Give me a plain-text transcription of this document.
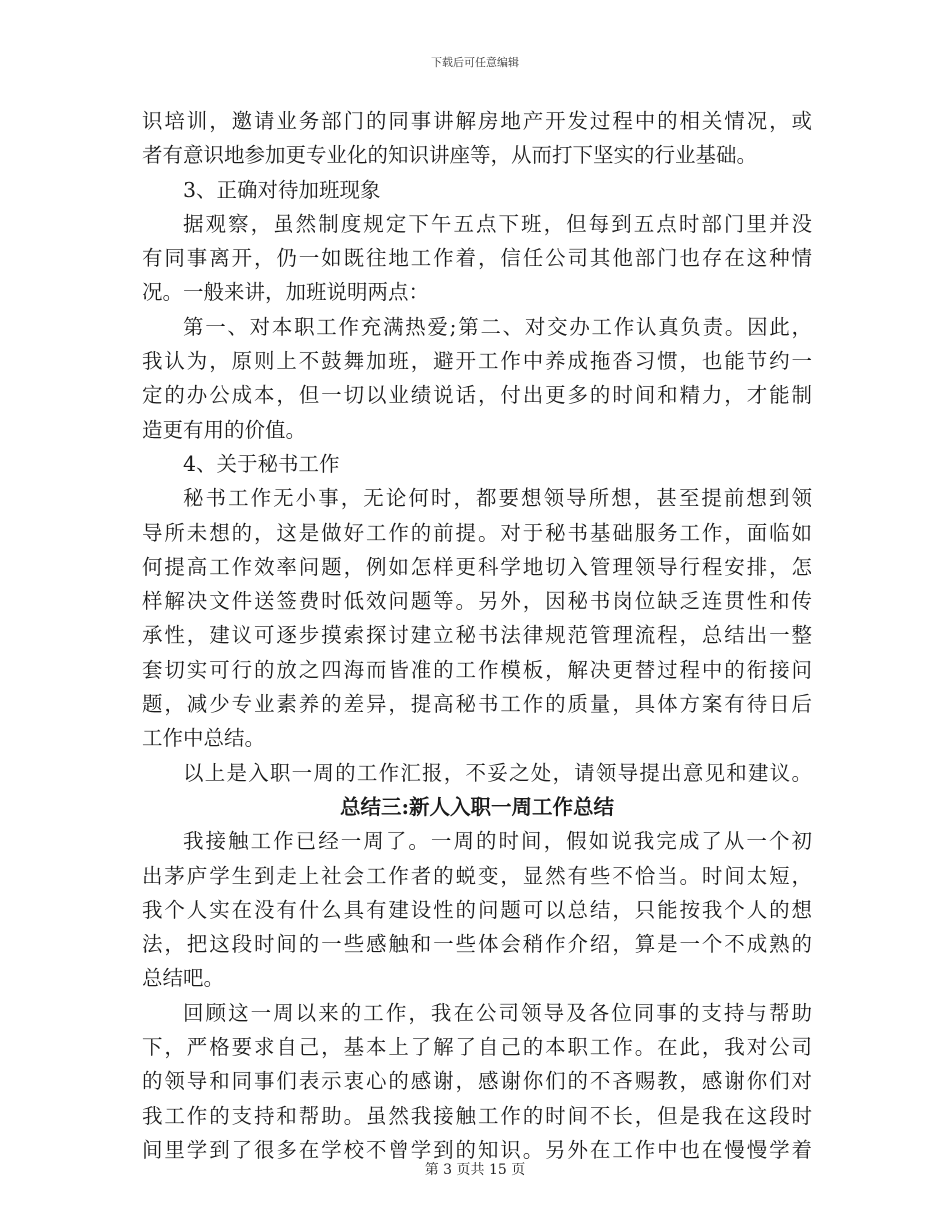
下载后可任意编辑
识培训，邀请业务部门的同事讲解房地产开发过程中的相关情况，或
者有意识地参加更专业化的知识讲座等，从而打下坚实的行业基础。
3、正确对待加班现象
据观察，虽然制度规定下午五点下班，但每到五点时部门里并没
有同事离开，仍一如既往地工作着，信任公司其他部门也存在这种情
况。一般来讲，加班说明两点：
第一、对本职工作充满热爱;第二、对交办工作认真负责。因此，
我认为，原则上不鼓舞加班，避开工作中养成拖沓习惯，也能节约一
定的办公成本，但一切以业绩说话，付出更多的时间和精力，才能制
造更有用的价值。
4、关于秘书工作
秘书工作无小事，无论何时，都要想领导所想，甚至提前想到领
导所未想的，这是做好工作的前提。对于秘书基础服务工作，面临如
何提高工作效率问题，例如怎样更科学地切入管理领导行程安排，怎
样解决文件送签费时低效问题等。另外，因秘书岗位缺乏连贯性和传
承性，建议可逐步摸索探讨建立秘书法律规范管理流程，总结出一整
套切实可行的放之四海而皆准的工作模板，解决更替过程中的衔接问
题，减少专业素养的差异，提高秘书工作的质量，具体方案有待日后
工作中总结。
以上是入职一周的工作汇报，不妥之处，请领导提出意见和建议。
总结三:新人入职一周工作总结
我接触工作已经一周了。一周的时间，假如说我完成了从一个初
出茅庐学生到走上社会工作者的蜕变，显然有些不恰当。时间太短，
我个人实在没有什么具有建设性的问题可以总结，只能按我个人的想
法，把这段时间的一些感触和一些体会稍作介绍，算是一个不成熟的
总结吧。
回顾这一周以来的工作，我在公司领导及各位同事的支持与帮助
下，严格要求自己，基本上了解了自己的本职工作。在此，我对公司
的领导和同事们表示衷心的感谢，感谢你们的不吝赐教，感谢你们对
我工作的支持和帮助。虽然我接触工作的时间不长，但是我在这段时
间里学到了很多在学校不曾学到的知识。另外在工作中也在慢慢学着
第 3 页共 15 页
